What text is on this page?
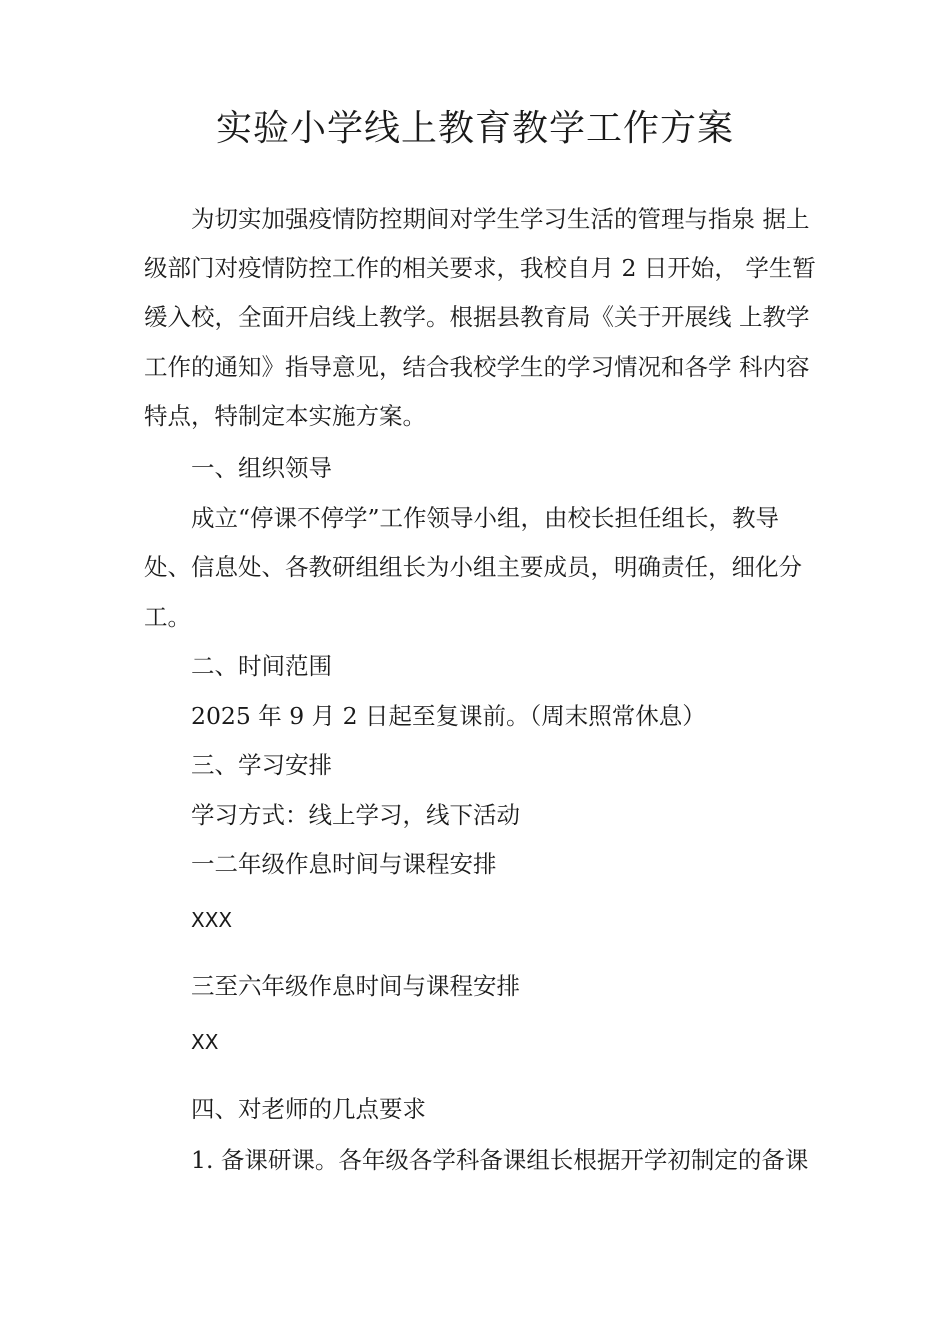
实验小学线上教育教学工作方案

为切实加强疫情防控期间对学生学习生活的管理与指泉 据上

级部门对疫情防控工作的相关要求，我校自月 2 日开始， 学生暂

缓入校，全面开启线上教学。根据县教育局《关于开展线 上教学

工作的通知》指导意见，结合我校学生的学习情况和各学 科内容

特点，特制定本实施方案。

一、组织领导

成立“停课不停学”工作领导小组，由校长担任组长，教导

处、信息处、各教研组组长为小组主要成员，明确责任，细化分

工。

二、时间范围

2025 年 9 月 2 日起至复课前。（周末照常休息）

三、学习安排

学习方式：线上学习，线下活动

一二年级作息时间与课程安排

XXX

三至六年级作息时间与课程安排

XX

四、对老师的几点要求

1. 备课研课。各年级各学科备课组长根据开学初制定的备课
